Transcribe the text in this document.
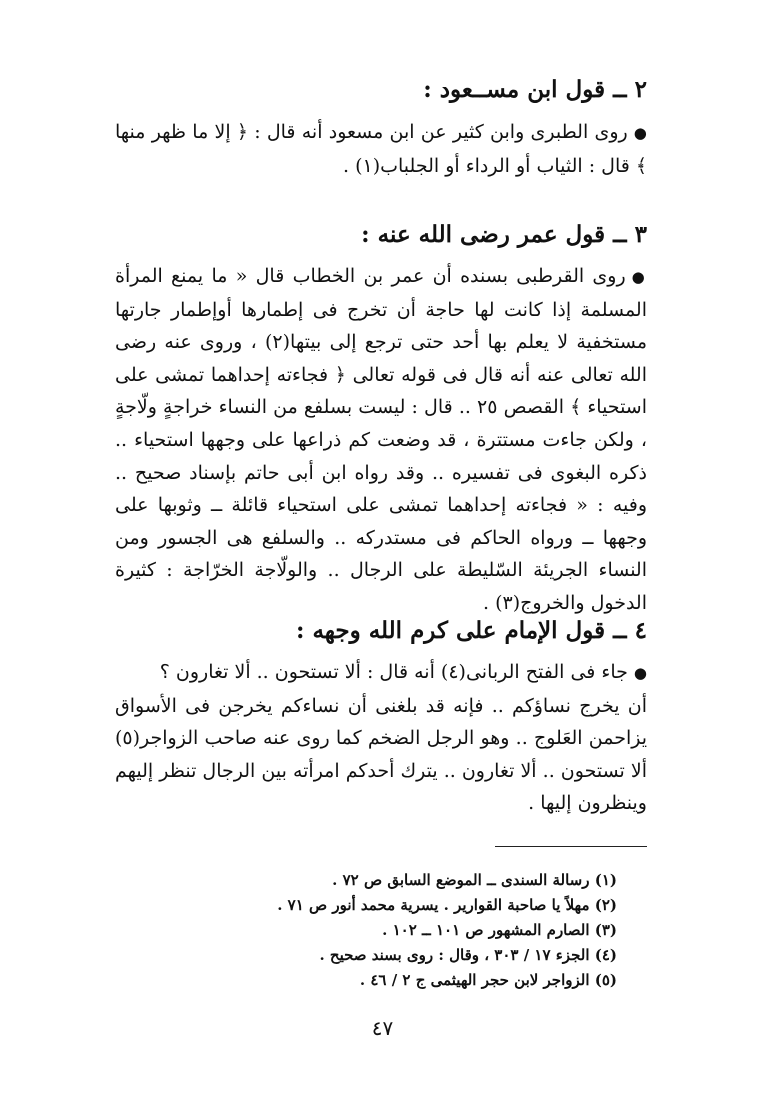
٢ ــ قول ابن مســعود :

●روى الطبرى وابن كثير عن ابن مسعود أنه قال : ﴿ إلا ما ظهر منها ﴾ قال : الثياب أو الرداء أو الجلباب(١) .

٣ ــ قول عمر رضى الله عنه :

●روى القرطبى بسنده أن عمر بن الخطاب قال « ما يمنع المرأة المسلمة إذا كانت لها حاجة أن تخرج فى إطمارها أوإطمار جارتها مستخفية لا يعلم بها أحد حتى ترجع إلى بيتها(٢) ، وروى عنه رضى الله تعالى عنه أنه قال فى قوله تعالى ﴿ فجاءته إحداهما تمشى على استحياء ﴾ القصص ٢٥ .. قال : ليست بسلفع من النساء خراجةٍ ولّاجةٍ ، ولكن جاءت مستترة ، قد وضعت كم ذراعها على وجهها استحياء .. ذكره البغوى فى تفسيره .. وقد رواه ابن أبى حاتم بإسناد صحيح .. وفيه : « فجاءته إحداهما تمشى على استحياء قائلة ــ وثوبها على وجهها ــ ورواه الحاكم فى مستدركه .. والسلفع هى الجسور ومن النساء الجريئة السّليطة على الرجال .. والولّاجة الخرّاجة : كثيرة الدخول والخروج(٣) .

٤ ــ قول الإمام على كرم الله وجهه :

●جاء فى الفتح الربانى(٤) أنه قال : ألا تستحون .. ألا تغارون ؟

أن يخرج نساؤكم .. فإنه قد بلغنى أن نساءكم يخرجن فى الأسواق يزاحمن العَلوج .. وهو الرجل الضخم كما روى عنه صاحب الزواجر(٥) ألا تستحون .. ألا تغارون .. يترك أحدكم امرأته بين الرجال تنظر إليهم وينظرون إليها .

(١) رسالة السندى ــ الموضع السابق ص ٧٢ .
(٢) مهلاً يا صاحبة القوارير . يسرية محمد أنور ص ٧١ .
(٣) الصارم المشهور ص ١٠١ ــ ١٠٢ .
(٤) الجزء ١٧ / ٣٠٣ ، وقال : روى بسند صحيح .
(٥) الزواجر لابن حجر الهيثمى ج ٢ / ٤٦ .
٤٧
